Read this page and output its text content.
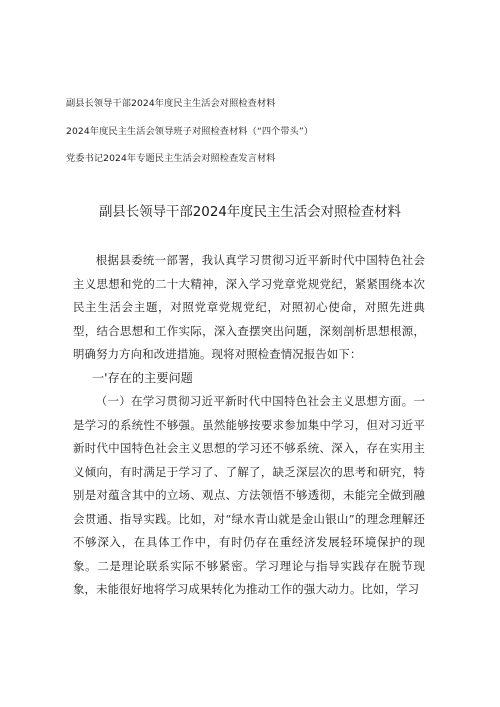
副县长领导干部2024年度民主生活会对照检查材料
2024年度民主生活会领导班子对照检查材料（“四个带头”）
党委书记2024年专题民主生活会对照检查发言材料
副县长领导干部2024年度民主生活会对照检查材料

根据县委统一部署，我认真学习贯彻习近平新时代中国特色社会主义思想和党的二十大精神，深入学习党章党规党纪，紧紧围绕本次民主生活会主题，对照党章党规党纪，对照初心使命，对照先进典型，结合思想和工作实际，深入查摆突出问题，深刻剖析思想根源，明确努力方向和改进措施。现将对照检查情况报告如下：

一'存在的主要问题

（一）在学习贯彻习近平新时代中国特色社会主义思想方面。一是学习的系统性不够强。虽然能够按要求参加集中学习，但对习近平新时代中国特色社会主义思想的学习还不够系统、深入，存在实用主义倾向，有时满足于学习了、了解了，缺乏深层次的思考和研究，特别是对蕴含其中的立场、观点、方法领悟不够透彻，未能完全做到融会贯通、指导实践。比如，对“绿水青山就是金山银山”的理念理解还不够深入，在具体工作中，有时仍存在重经济发展轻环境保护的现象。二是理论联系实际不够紧密。学习理论与指导实践存在脱节现象，未能很好地将学习成果转化为推动工作的强大动力。比如，学习
